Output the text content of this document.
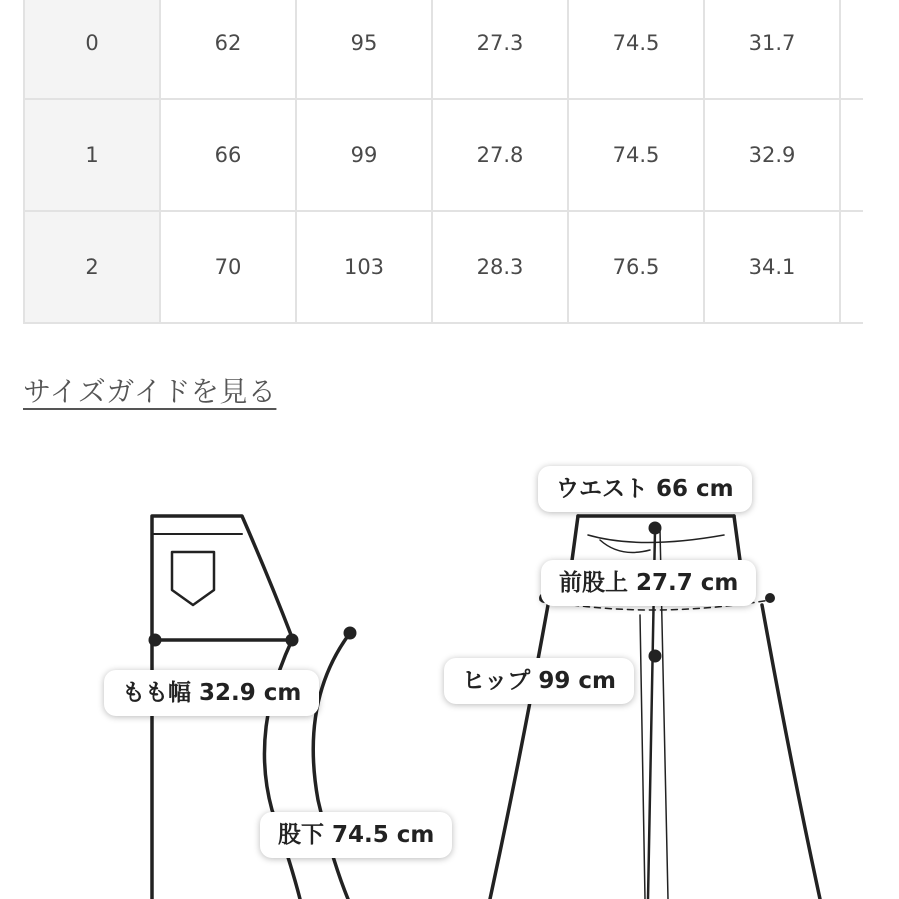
0	62	95	27.3	74.5	31.7	
1	66	99	27.8	74.5	32.9	
2	70	103	28.3	76.5	34.1	
サイズガイドを見る
ウエスト 66 cm
前股上 27.7 cm
ヒップ 99 cm
もも幅 32.9 cm
股下 74.5 cm
